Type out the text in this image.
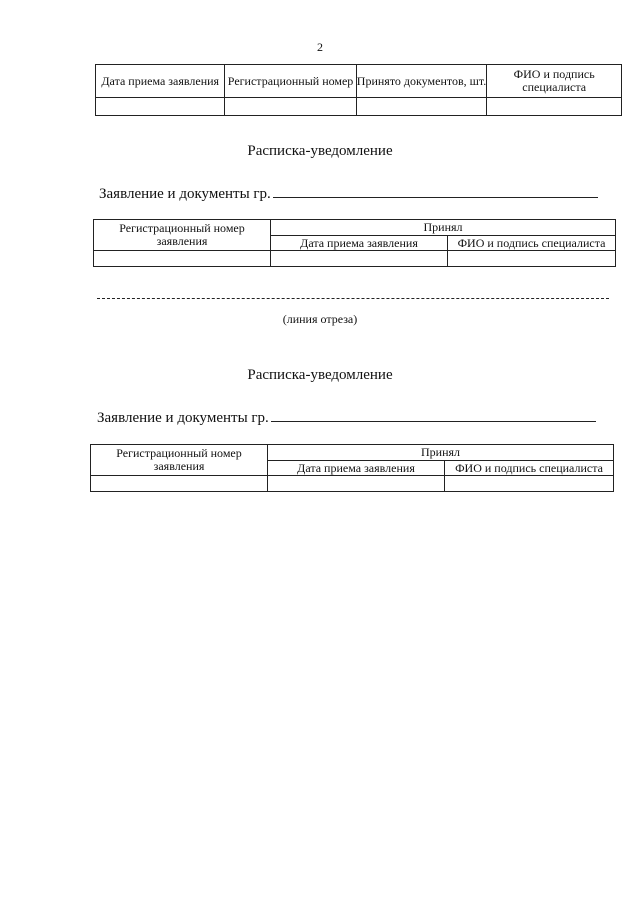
2
Дата приема заявления	Регистрационный номер	Принято документов, шт.	ФИО и подпись специалиста

Расписка-уведомление
Заявление и документы гр.
Регистрационный номер заявления	Принял	
	Дата приема заявления	ФИО и подпись специалиста

(линия отреза)
Расписка-уведомление
Заявление и документы гр.
Регистрационный номер заявления	Принял	
	Дата приема заявления	ФИО и подпись специалиста
